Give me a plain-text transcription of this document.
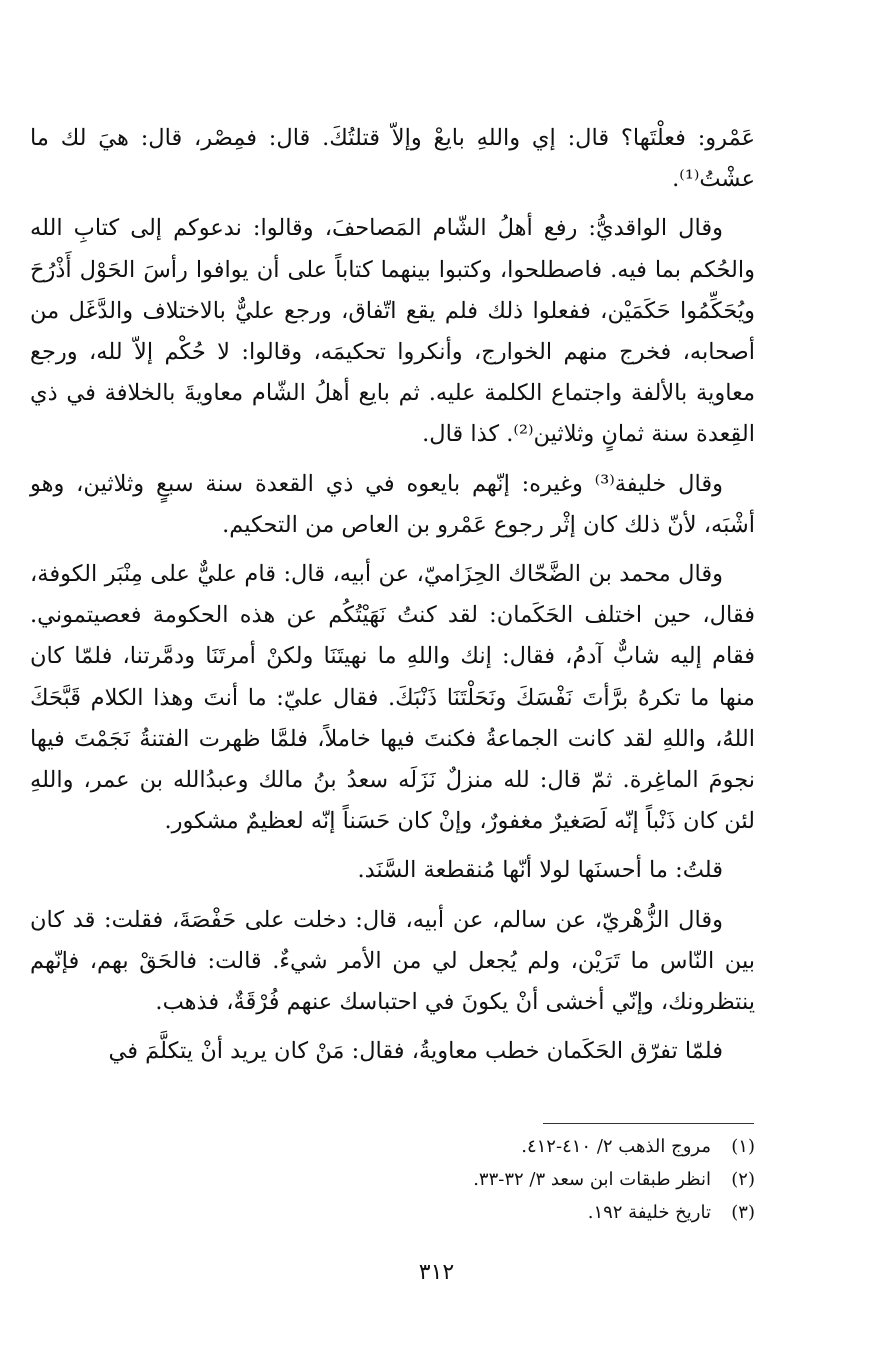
عَمْرو: فعلْتَها؟ قال: إي واللهِ بايعْ وإلاّ قتلتُكَ. قال: فمِصْر، قال: هيَ لك ما عشْتُ⁽¹⁾.

وقال الواقديُّ: رفع أهلُ الشّام المَصاحفَ، وقالوا: ندعوكم إلى كتابِ الله والحُكم بما فيه. فاصطلحوا، وكتبوا بينهما كتاباً على أن يوافوا رأسَ الحَوْل أَذْرُحَ ويُحَكِّمُوا حَكَمَيْن، ففعلوا ذلك فلم يقع اتّفاق، ورجع عليٌّ بالاختلاف والدَّغَل من أصحابه، فخرج منهم الخوارج، وأنكروا تحكيمَه، وقالوا: لا حُكْم إلاّ لله، ورجع معاوية بالألفة واجتماع الكلمة عليه. ثم بايع أهلُ الشّام معاويةَ بالخلافة في ذي القِعدة سنة ثمانٍ وثلاثين⁽²⁾. كذا قال.

وقال خليفة⁽³⁾ وغيره: إنّهم بايعوه في ذي القعدة سنة سبعٍ وثلاثين، وهو أشْبَه، لأنّ ذلك كان إثْر رجوع عَمْرو بن العاص من التحكيم.

وقال محمد بن الضَّحّاك الحِزَاميّ، عن أبيه، قال: قام عليٌّ على مِنْبَر الكوفة، فقال، حين اختلف الحَكَمان: لقد كنتُ نَهَيْتُكُم عن هذه الحكومة فعصيتموني. فقام إليه شابٌّ آدمُ، فقال: إنك واللهِ ما نهيتَنَا ولكنْ أمرتَنَا ودمَّرتنا، فلمّا كان منها ما تكرهُ برَّأتَ نَفْسَكَ ونَحَلْتَنَا ذَنْبَكَ. فقال عليّ: ما أنتَ وهذا الكلام قَبَّحَكَ اللهُ، واللهِ لقد كانت الجماعةُ فكنتَ فيها خاملاً، فلمَّا ظهرت الفتنةُ نَجَمْتَ فيها نجومَ الماغِرة. ثمّ قال: لله منزلٌ نَزَلَه سعدُ بنُ مالك وعبدُالله بن عمر، واللهِ لئن كان ذَنْباً إنّه لَصَغيرٌ مغفورٌ، وإنْ كان حَسَناً إنّه لعظيمٌ مشكور.

قلتُ: ما أحسنَها لولا أنّها مُنقطعة السَّنَد.

وقال الزُّهْريّ، عن سالم، عن أبيه، قال: دخلت على حَفْصَةَ، فقلت: قد كان بين النّاس ما تَرَيْن، ولم يُجعل لي من الأمر شيءٌ. قالت: فالحَقْ بهم، فإنّهم ينتظرونك، وإنّي أخشى أنْ يكونَ في احتباسك عنهم فُرْقَةٌ، فذهب.

فلمّا تفرّق الحَكَمان خطب معاويةُ، فقال: مَنْ كان يريد أنْ يتكلَّمَ في

(١)
مروج الذهب ٢/ ٤١٠-٤١٢.
(٢)
انظر طبقات ابن سعد ٣/ ٣٢-٣٣.
(٣)
تاريخ خليفة ١٩٢.
٣١٢
